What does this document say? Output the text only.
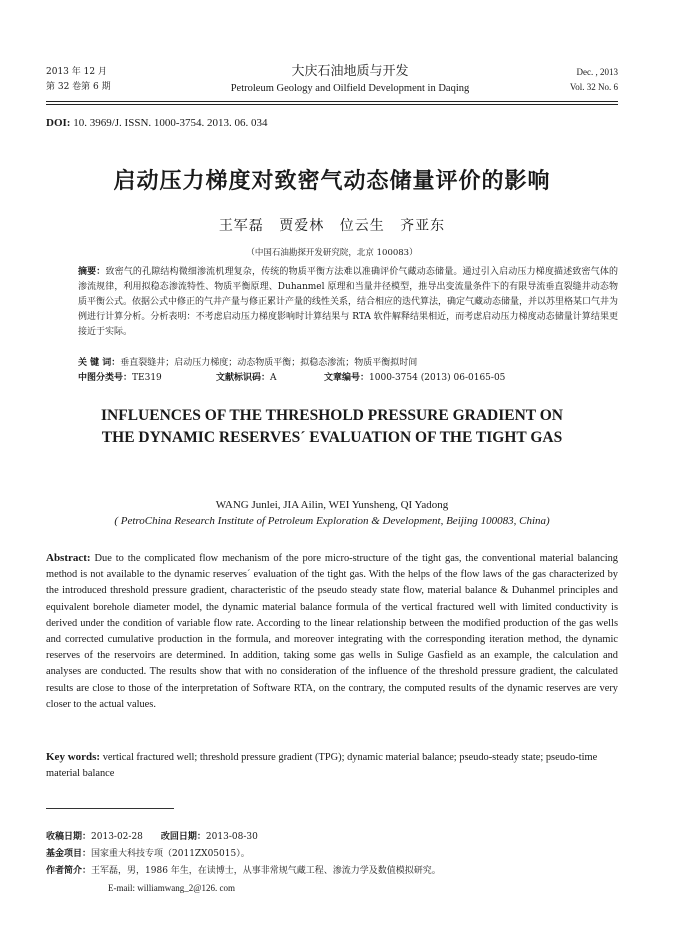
2013 年 12 月
第 32 卷第 6 期
大庆石油地质与开发
Petroleum Geology and Oilfield Development in Daqing
Dec. , 2013
Vol. 32 No. 6
DOI: 10. 3969/J. ISSN. 1000-3754. 2013. 06. 034
启动压力梯度对致密气动态储量评价的影响
王军磊 贾爱林 位云生 齐亚东
（中国石油勘探开发研究院，北京 100083）
摘要：致密气的孔隙结构微细渗流机理复杂，传统的物质平衡方法难以准确评价气藏动态储量。通过引入启动压力梯度描述致密气体的渗流规律，利用拟稳态渗流特性、物质平衡原理、Duhanmel 原理和当量井径模型，推导出变流量条件下的有限导流垂直裂缝井动态物质平衡公式。依据公式中修正的气井产量与修正累计产量的线性关系，结合相应的迭代算法，确定气藏动态储量，并以苏里格某口气井为例进行计算分析。分析表明：不考虑启动压力梯度影响时计算结果与 RTA 软件解释结果相近，而考虑启动压力梯度动态储量计算结果更接近于实际。
关 键 词：垂直裂缝井；启动压力梯度；动态物质平衡；拟稳态渗流；物质平衡拟时间
中图分类号：TE319	文献标识码：A	文章编号：1000-3754 (2013) 06-0165-05
INFLUENCES OF THE THRESHOLD PRESSURE GRADIENT ON
THE DYNAMIC RESERVES´ EVALUATION OF THE TIGHT GAS
WANG Junlei, JIA Ailin, WEI Yunsheng, QI Yadong
( PetroChina Research Institute of Petroleum Exploration & Development, Beijing 100083, China)
Abstract: Due to the complicated flow mechanism of the pore micro-structure of the tight gas, the conventional material balancing method is not available to the dynamic reserves´ evaluation of the tight gas. With the helps of the flow laws of the gas characterized by the introduced threshold pressure gradient, characteristic of the pseudo steady state flow, material balance & Duhanmel principles and equivalent borehole diameter model, the dynamic material balance formula of the vertical fractured well with limited conductivity is derived under the condition of variable flow rate. According to the linear relationship between the modified production of the gas wells and corrected cumulative production in the formula, and moreover integrating with the corresponding iteration method, the dynamic reserves of the reservoirs are determined. In addition, taking some gas wells in Sulige Gasfield as an example, the calculation and analyses are conducted. The results show that with no consideration of the influence of the threshold pressure gradient, the calculated results are close to those of the interpretation of Software RTA, on the contrary, the computed results of the dynamic reserves are very closer to the actual values.
Key words: vertical fractured well; threshold pressure gradient (TPG); dynamic material balance; pseudo-steady state; pseudo-time material balance
收稿日期：2013-02-28 改回日期：2013-08-30
基金项目：国家重大科技专项（2011ZX05015）。
作者简介：王军磊，男，1986 年生，在读博士，从事非常规气藏工程、渗流力学及数值模拟研究。
E-mail: williamwang_2@126. com
